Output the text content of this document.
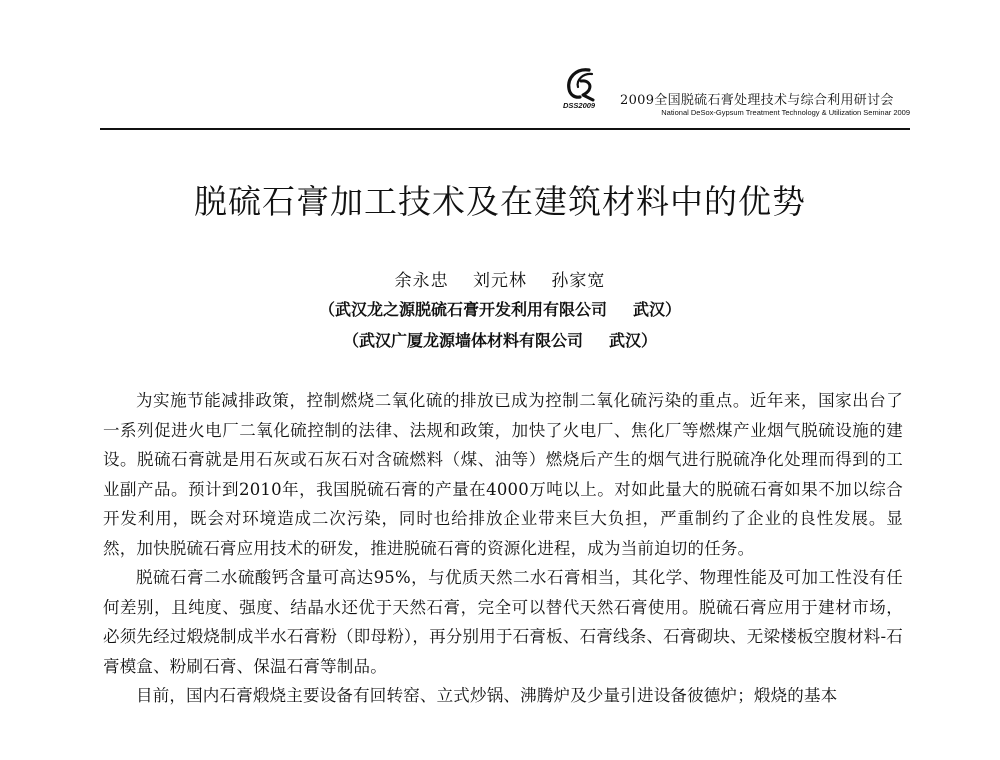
DSS2009 2009全国脱硫石膏处理技术与综合利用研讨会
National DeSox-Gypsum Treatment Technology & Utilization Seminar 2009
脱硫石膏加工技术及在建筑材料中的优势
余永忠 刘元林 孙家宽
（武汉龙之源脱硫石膏开发利用有限公司 武汉）
（武汉广厦龙源墙体材料有限公司 武汉）

为实施节能减排政策，控制燃烧二氧化硫的排放已成为控制二氧化硫污染的重点。近年来，国家出台了一系列促进火电厂二氧化硫控制的法律、法规和政策，加快了火电厂、焦化厂等燃煤产业烟气脱硫设施的建设。脱硫石膏就是用石灰或石灰石对含硫燃料（煤、油等）燃烧后产生的烟气进行脱硫净化处理而得到的工业副产品。预计到2010年，我国脱硫石膏的产量在4000万吨以上。对如此量大的脱硫石膏如果不加以综合开发利用，既会对环境造成二次污染，同时也给排放企业带来巨大负担，严重制约了企业的良性发展。显然，加快脱硫石膏应用技术的研发，推进脱硫石膏的资源化进程，成为当前迫切的任务。

脱硫石膏二水硫酸钙含量可高达95%，与优质天然二水石膏相当，其化学、物理性能及可加工性没有任何差别，且纯度、强度、结晶水还优于天然石膏，完全可以替代天然石膏使用。脱硫石膏应用于建材市场，必须先经过煅烧制成半水石膏粉（即母粉），再分别用于石膏板、石膏线条、石膏砌块、无梁楼板空腹材料-石膏模盒、粉刷石膏、保温石膏等制品。

目前，国内石膏煅烧主要设备有回转窑、立式炒锅、沸腾炉及少量引进设备彼德炉；煅烧的基本
